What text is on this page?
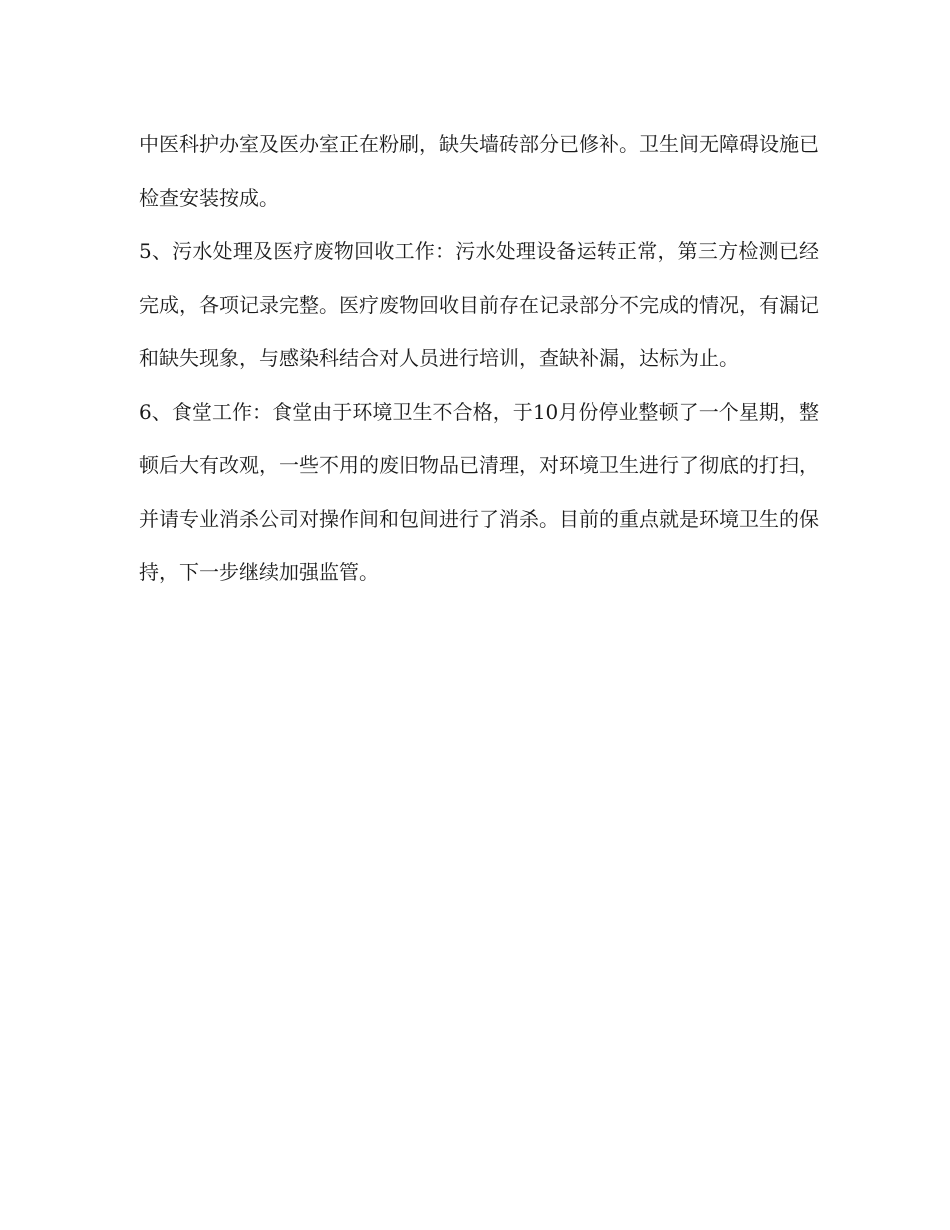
中医科护办室及医办室正在粉刷，缺失墙砖部分已修补。卫生间无障碍设施已检查安装按成。

5、污水处理及医疗废物回收工作：污水处理设备运转正常，第三方检测已经完成，各项记录完整。医疗废物回收目前存在记录部分不完成的情况，有漏记和缺失现象，与感染科结合对人员进行培训，查缺补漏，达标为止。

6、食堂工作：食堂由于环境卫生不合格，于10月份停业整顿了一个星期，整顿后大有改观，一些不用的废旧物品已清理，对环境卫生进行了彻底的打扫，并请专业消杀公司对操作间和包间进行了消杀。目前的重点就是环境卫生的保持，下一步继续加强监管。
